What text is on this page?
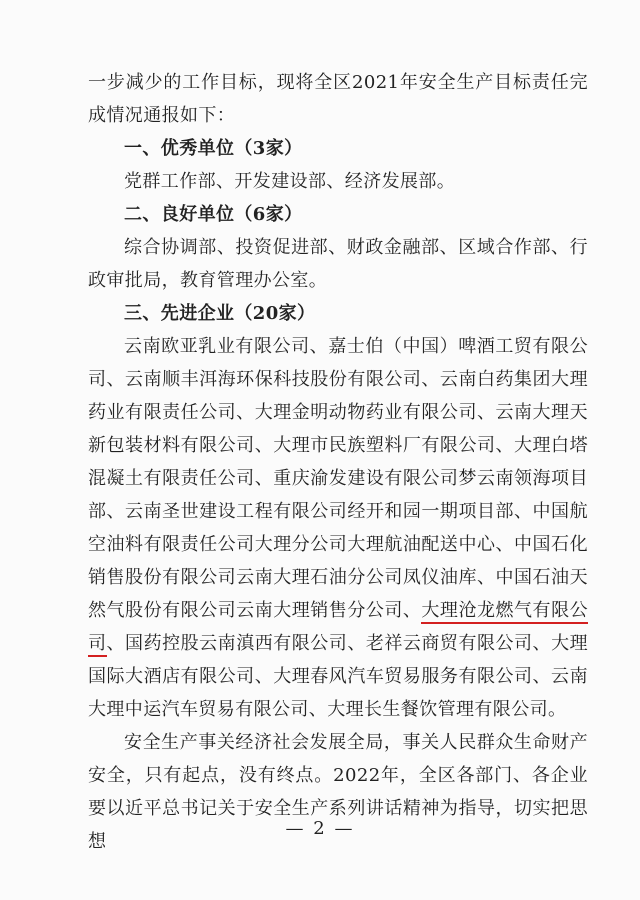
一步减少的工作目标，现将全区2021年安全生产目标责任完成情况通报如下：

一、优秀单位（3家）

党群工作部、开发建设部、经济发展部。

二、良好单位（6家）

综合协调部、投资促进部、财政金融部、区域合作部、行政审批局，教育管理办公室。

三、先进企业（20家）

云南欧亚乳业有限公司、嘉士伯（中国）啤酒工贸有限公司、云南顺丰洱海环保科技股份有限公司、云南白药集团大理药业有限责任公司、大理金明动物药业有限公司、云南大理天新包装材料有限公司、大理市民族塑料厂有限公司、大理白塔混凝土有限责任公司、重庆渝发建设有限公司梦云南领海项目部、云南圣世建设工程有限公司经开和园一期项目部、中国航空油料有限责任公司大理分公司大理航油配送中心、中国石化销售股份有限公司云南大理石油分公司凤仪油库、中国石油天然气股份有限公司云南大理销售分公司、大理沧龙燃气有限公司、国药控股云南滇西有限公司、老祥云商贸有限公司、大理国际大酒店有限公司、大理春风汽车贸易服务有限公司、云南大理中运汽车贸易有限公司、大理长生餐饮管理有限公司。

安全生产事关经济社会发展全局，事关人民群众生命财产安全，只有起点，没有终点。2022年，全区各部门、各企业要以近平总书记关于安全生产系列讲话精神为指导，切实把思想

— 2 —
